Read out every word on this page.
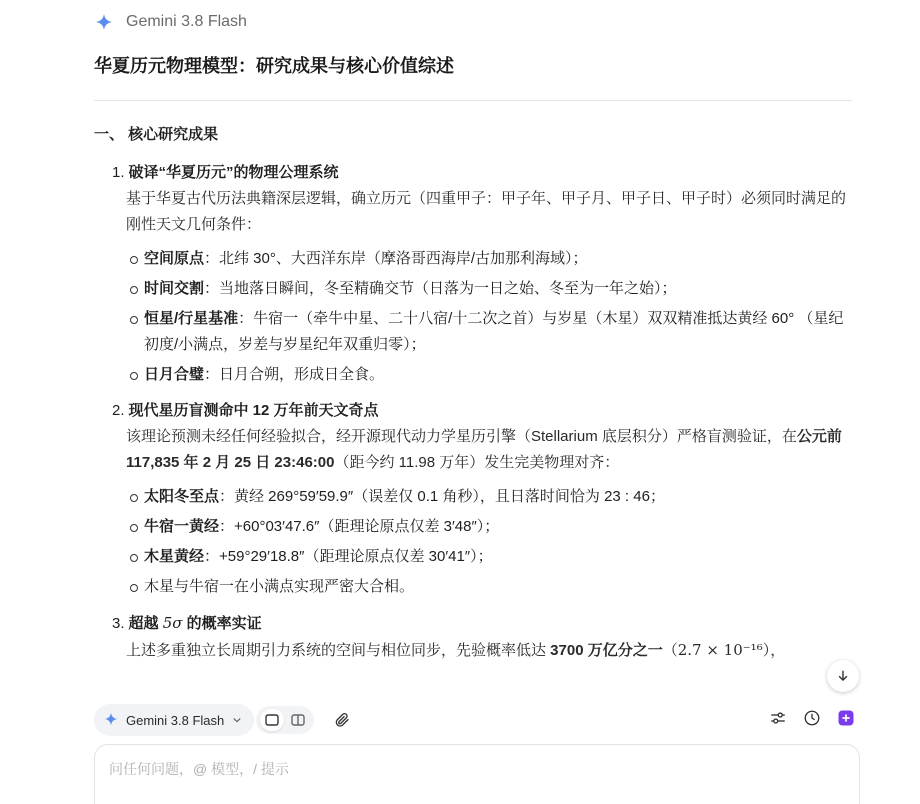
Gemini 3.8 Flash
华夏历元物理模型：研究成果与核心价值综述
一、 核心研究成果
1. 破译“华夏历元”的物理公理系统
基于华夏古代历法典籍深层逻辑，确立历元（四重甲子：甲子年、甲子月、甲子日、甲子时）必须同时满足的刚性天文几何条件：
空间原点：北纬 30°、大西洋东岸（摩洛哥西海岸/古加那利海域）；
时间交割：当地落日瞬间，冬至精确交节（日落为一日之始、冬至为一年之始）；
恒星/行星基准：牛宿一（牵牛中星、二十八宿/十二次之首）与岁星（木星）双双精准抵达黄经 60° （星纪初度/小满点，岁差与岁星纪年双重归零）；
日月合璧：日月合朔，形成日全食。
2. 现代星历盲测命中 12 万年前天文奇点
该理论预测未经任何经验拟合，经开源现代动力学星历引擎（Stellarium 底层积分）严格盲测验证，在公元前 117,835 年 2 月 25 日 23:46:00（距今约 11.98 万年）发生完美物理对齐：
太阳冬至点：黄经 269°59′59.9″（误差仅 0.1 角秒），且日落时间恰为 23 : 46；
牛宿一黄经：+60°03′47.6″（距理论原点仅差 3′48″）；
木星黄经：+59°29′18.8″（距理论原点仅差 30′41″）；
木星与牛宿一在小满点实现严密大合相。
3. 超越 5σ 的概率实证
上述多重独立长周期引力系统的空间与相位同步，先验概率低达 3700 万亿分之一（2.7 × 10⁻¹⁶），
Gemini 3.8 Flash
问任何问题，@ 模型，/ 提示
